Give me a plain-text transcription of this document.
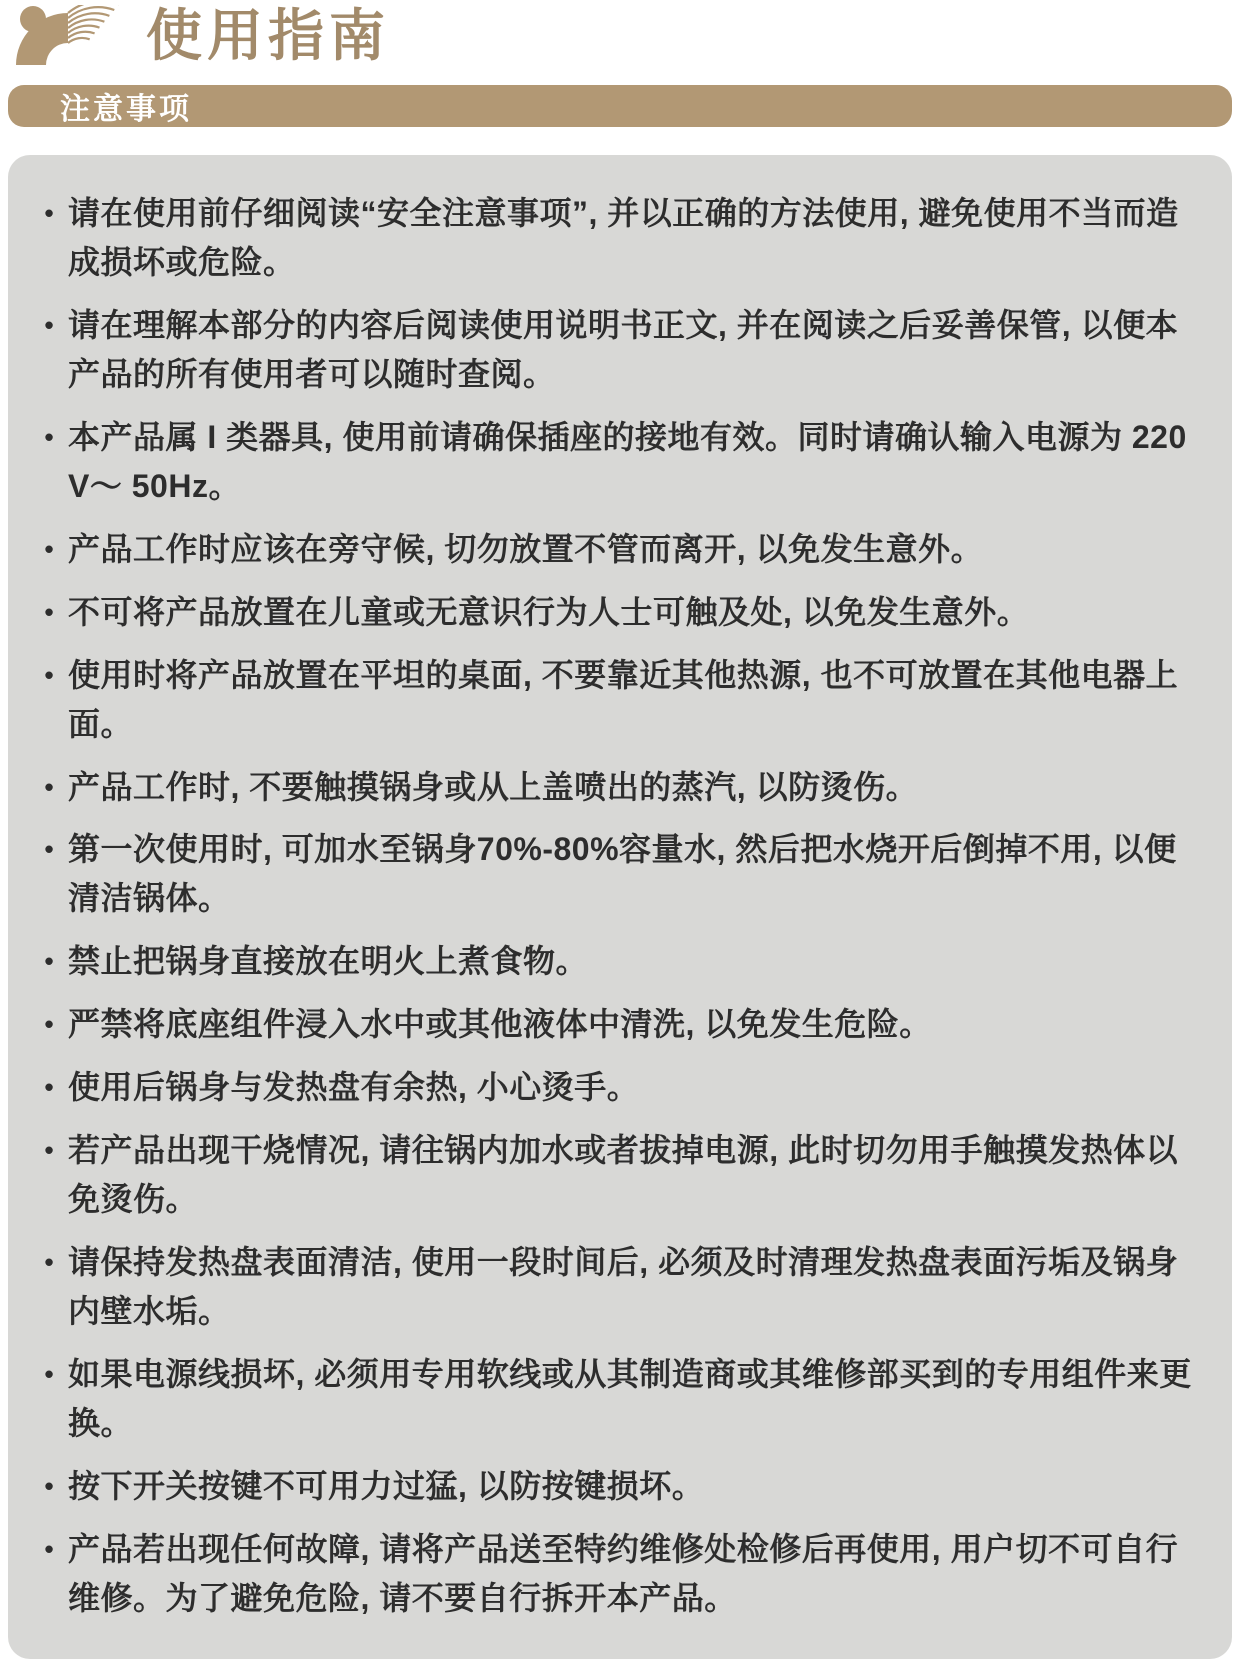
使用指南
注意事项
• 请在使用前仔细阅读“安全注意事项”, 并以正确的方法使用, 避免使用不当而造成损坏或危险。
• 请在理解本部分的内容后阅读使用说明书正文, 并在阅读之后妥善保管, 以便本产品的所有使用者可以随时查阅。
• 本产品属 I 类器具, 使用前请确保插座的接地有效。同时请确认输入电源为 220V～ 50Hz。
• 产品工作时应该在旁守候, 切勿放置不管而离开, 以免发生意外。
• 不可将产品放置在儿童或无意识行为人士可触及处, 以免发生意外。
• 使用时将产品放置在平坦的桌面, 不要靠近其他热源, 也不可放置在其他电器上面。
• 产品工作时, 不要触摸锅身或从上盖喷出的蒸汽, 以防烫伤。
• 第一次使用时, 可加水至锅身70%-80%容量水, 然后把水烧开后倒掉不用, 以便清洁锅体。
• 禁止把锅身直接放在明火上煮食物。
• 严禁将底座组件浸入水中或其他液体中清洗, 以免发生危险。
• 使用后锅身与发热盘有余热, 小心烫手。
• 若产品出现干烧情况, 请往锅内加水或者拔掉电源, 此时切勿用手触摸发热体以免烫伤。
• 请保持发热盘表面清洁, 使用一段时间后, 必须及时清理发热盘表面污垢及锅身内壁水垢。
• 如果电源线损坏, 必须用专用软线或从其制造商或其维修部买到的专用组件来更换。
• 按下开关按键不可用力过猛, 以防按键损坏。
• 产品若出现任何故障, 请将产品送至特约维修处检修后再使用, 用户切不可自行维修。为了避免危险, 请不要自行拆开本产品。
